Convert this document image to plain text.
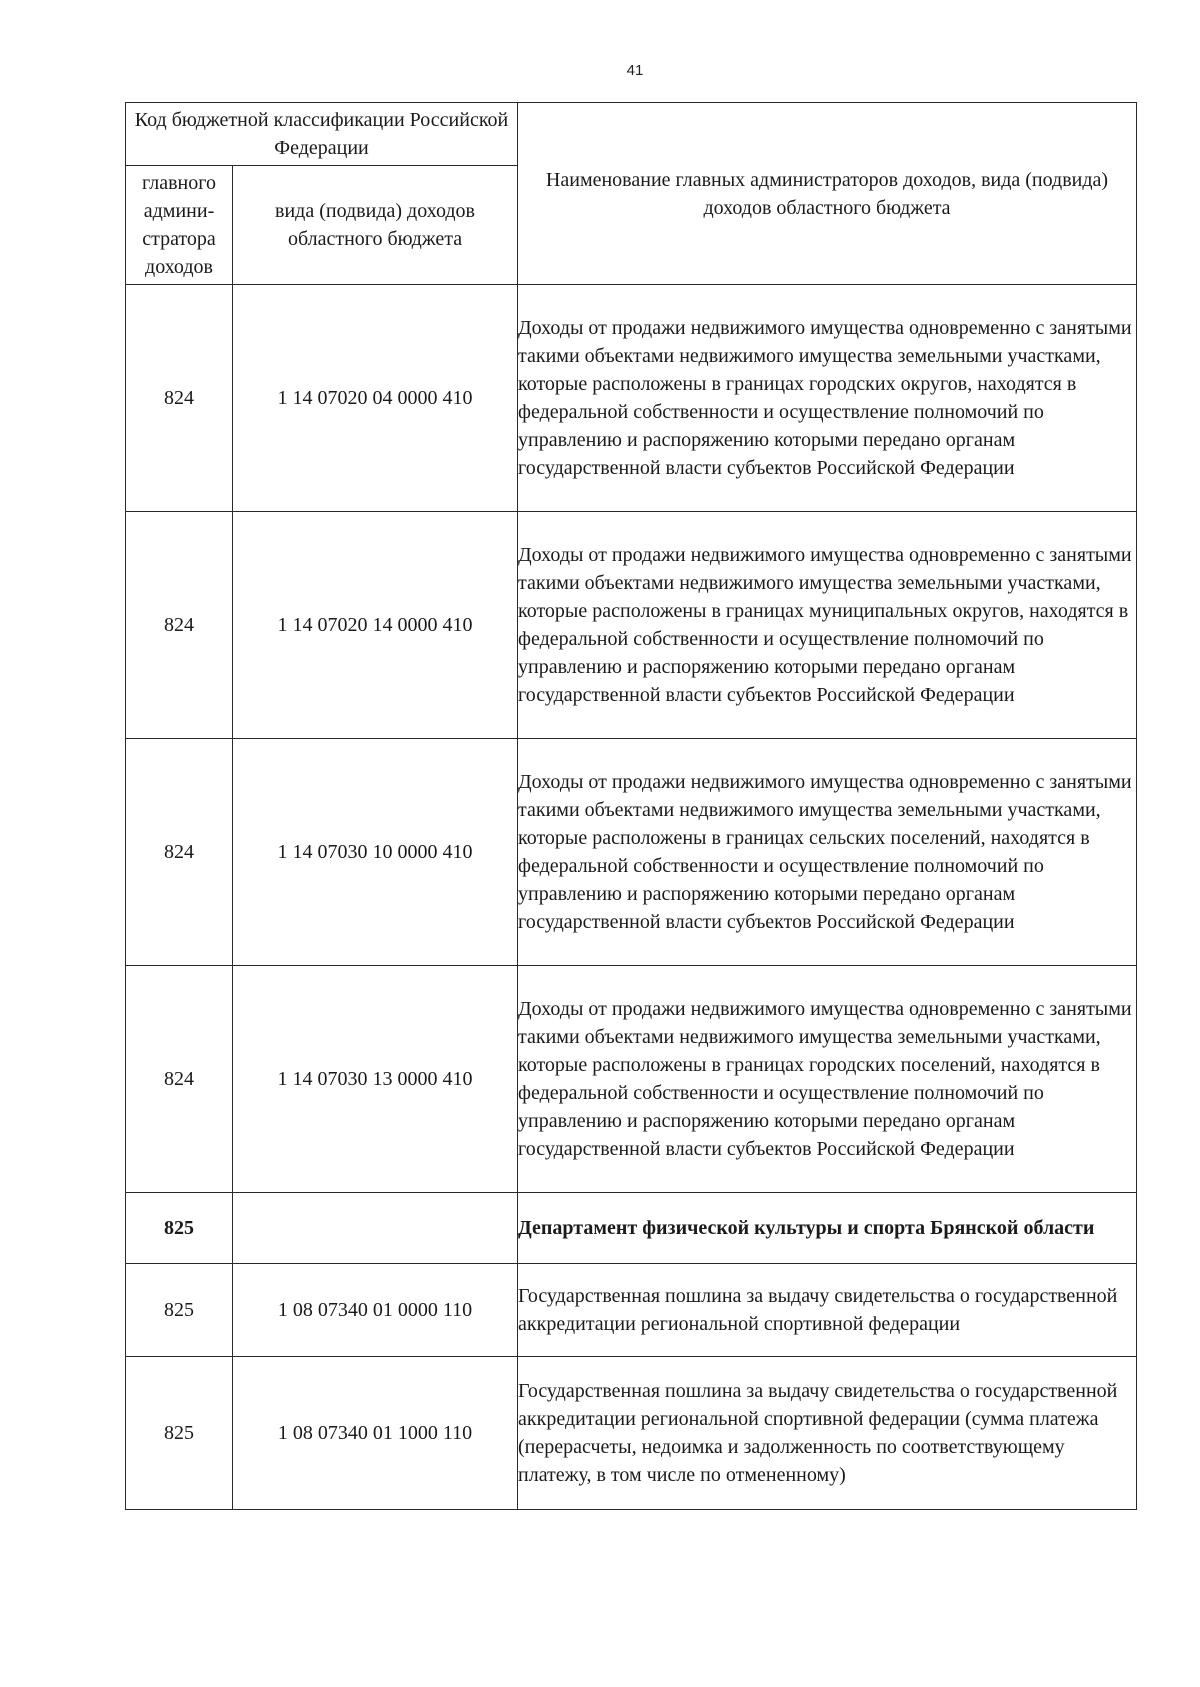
41
Код бюджетной классификации Российской Федерации		Наименование главных администраторов доходов, вида (подвида) доходов областного бюджета
главного админи-стратора доходов	вида (подвида) доходов областного бюджета	
824	1 14 07020 04 0000 410	Доходы от продажи недвижимого имущества одновременно с занятыми такими объектами недвижимого имущества земельными участками, которые расположены в границах городских округов, находятся в федеральной собственности и осуществление полномочий по управлению и распоряжению которыми передано органам государственной власти субъектов Российской Федерации
824	1 14 07020 14 0000 410	Доходы от продажи недвижимого имущества одновременно с занятыми такими объектами недвижимого имущества земельными участками, которые расположены в границах муниципальных округов, находятся в федеральной собственности и осуществление полномочий по управлению и распоряжению которыми передано органам государственной власти субъектов Российской Федерации
824	1 14 07030 10 0000 410	Доходы от продажи недвижимого имущества одновременно с занятыми такими объектами недвижимого имущества земельными участками, которые расположены в границах сельских поселений, находятся в федеральной собственности и осуществление полномочий по управлению и распоряжению которыми передано органам государственной власти субъектов Российской Федерации
824	1 14 07030 13 0000 410	Доходы от продажи недвижимого имущества одновременно с занятыми такими объектами недвижимого имущества земельными участками, которые расположены в границах городских поселений, находятся в федеральной собственности и осуществление полномочий по управлению и распоряжению которыми передано органам государственной власти субъектов Российской Федерации
825		Департамент физической культуры и спорта Брянской области
825	1 08 07340 01 0000 110	Государственная пошлина за выдачу свидетельства о государственной аккредитации региональной спортивной федерации
825	1 08 07340 01 1000 110	Государственная пошлина за выдачу свидетельства о государственной аккредитации региональной спортивной федерации (сумма платежа (перерасчеты, недоимка и задолженность по соответствующему платежу, в том числе по отмененному)
